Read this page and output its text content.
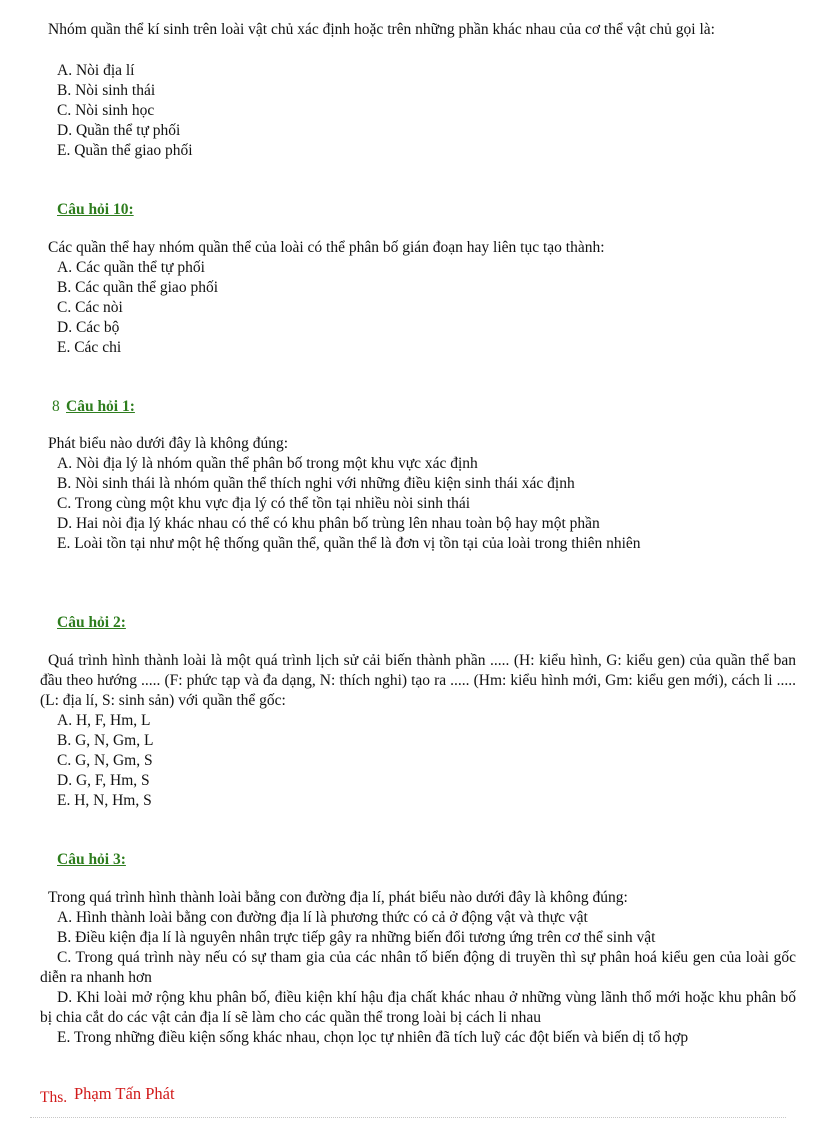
Nhóm quần thể kí sinh trên loài vật chủ xác định hoặc trên những phần khác nhau của cơ thể vật chủ gọi là:

A. Nòi địa lí

B. Nòi sinh thái

C. Nòi sinh học

D. Quần thể tự phối

E. Quần thể giao phối

Câu hỏi 10:

Các quần thể hay nhóm quần thể của loài có thể phân bố gián đoạn hay liên tục tạo thành:

A. Các quần thể tự phối

B. Các quần thể giao phối

C. Các nòi

D. Các bộ

E. Các chi

8 Câu hỏi 1:

Phát biểu nào dưới đây là không đúng:

A. Nòi địa lý là nhóm quần thể phân bố trong một khu vực xác định

B. Nòi sinh thái là nhóm quần thể thích nghi với những điều kiện sinh thái xác định

C. Trong cùng một khu vực địa lý có thể tồn tại nhiều nòi sinh thái

D. Hai nòi địa lý khác nhau có thể có khu phân bố trùng lên nhau toàn bộ hay một phần

E. Loài tồn tại như một hệ thống quần thể, quần thể là đơn vị tồn tại của loài trong thiên nhiên

Câu hỏi 2:

Quá trình hình thành loài là một quá trình lịch sử cải biến thành phần ..... (H: kiểu hình, G: kiểu gen) của quần thể ban đầu theo hướng ..... (F: phức tạp và đa dạng, N: thích nghi) tạo ra ..... (Hm: kiểu hình mới, Gm: kiểu gen mới), cách li ..... (L: địa lí, S: sinh sản) với quần thể gốc:

A. H, F, Hm, L

B. G, N, Gm, L

C. G, N, Gm, S

D. G, F, Hm, S

E. H, N, Hm, S

Câu hỏi 3:

Trong quá trình hình thành loài bằng con đường địa lí, phát biểu nào dưới đây là không đúng:

A. Hình thành loài bằng con đường địa lí là phương thức có cả ở động vật và thực vật

B. Điều kiện địa lí là nguyên nhân trực tiếp gây ra những biến đổi tương ứng trên cơ thể sinh vật

C. Trong quá trình này nếu có sự tham gia của các nhân tố biến động di truyền thì sự phân hoá kiểu gen của loài gốc diễn ra nhanh hơn

D. Khi loài mở rộng khu phân bố, điều kiện khí hậu địa chất khác nhau ở những vùng lãnh thổ mới hoặc khu phân bố bị chia cắt do các vật cản địa lí sẽ làm cho các quần thể trong loài bị cách li nhau

E. Trong những điều kiện sống khác nhau, chọn lọc tự nhiên đã tích luỹ các đột biến và biến dị tổ hợp

Ths. Phạm Tấn Phát
